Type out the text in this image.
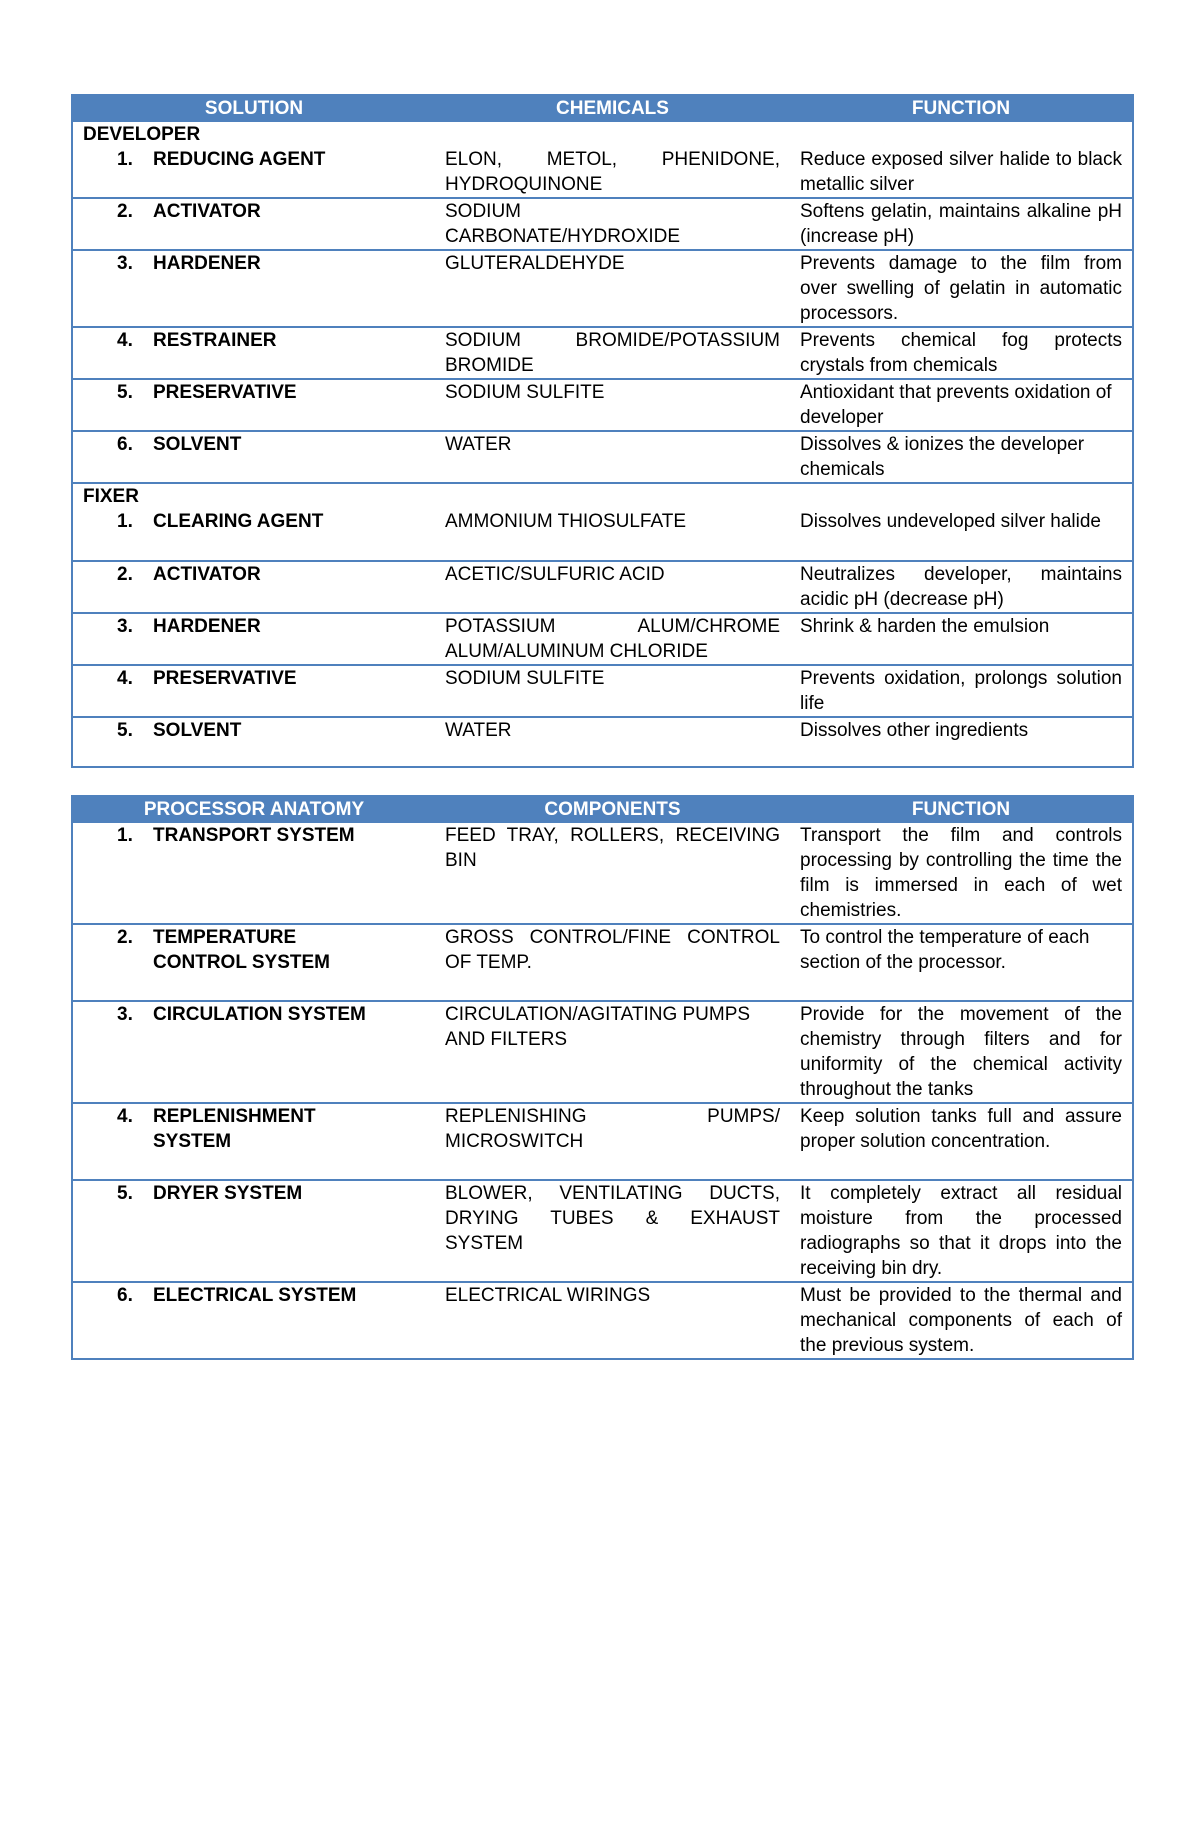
SOLUTION	CHEMICALS	FUNCTION
DEVELOPER		

1. REDUCING AGENT	ELON, METOL, PHENIDONE, HYDROQUINONE	Reduce exposed silver halide to black metallic silver

2. ACTIVATOR	SODIUM CARBONATE/HYDROXIDE	Softens gelatin, maintains alkaline pH (increase pH)

3. HARDENER	GLUTERALDEHYDE	Prevents damage to the film from over swelling of gelatin in automatic processors.

4. RESTRAINER	SODIUM BROMIDE/POTASSIUM BROMIDE	Prevents chemical fog protects crystals from chemicals

5. PRESERVATIVE	SODIUM SULFITE	Antioxidant that prevents oxidation of developer

6. SOLVENT	WATER	Dissolves & ionizes the developer chemicals
FIXER		

1. CLEARING AGENT	AMMONIUM THIOSULFATE	Dissolves undeveloped silver halide

2. ACTIVATOR	ACETIC/SULFURIC ACID	Neutralizes developer, maintains acidic pH (decrease pH)

3. HARDENER	POTASSIUM ALUM/CHROME ALUM/ALUMINUM CHLORIDE	Shrink & harden the emulsion

4. PRESERVATIVE	SODIUM SULFITE	Prevents oxidation, prolongs solution life

5. SOLVENT	WATER	Dissolves other ingredients
PROCESSOR ANATOMY	COMPONENTS	FUNCTION

1. TRANSPORT SYSTEM	FEED TRAY, ROLLERS, RECEIVING BIN	Transport the film and controls processing by controlling the time the film is immersed in each of wet chemistries.

2. TEMPERATURE CONTROL SYSTEM	GROSS CONTROL/FINE CONTROL OF TEMP.	To control the temperature of each section of the processor.

3. CIRCULATION SYSTEM	CIRCULATION/AGITATING PUMPS AND FILTERS	Provide for the movement of the chemistry through filters and for uniformity of the chemical activity throughout the tanks

4. REPLENISHMENT SYSTEM	REPLENISHING PUMPS/ MICROSWITCH	Keep solution tanks full and assure proper solution concentration.

5. DRYER SYSTEM	BLOWER, VENTILATING DUCTS, DRYING TUBES & EXHAUST SYSTEM	It completely extract all residual moisture from the processed radiographs so that it drops into the receiving bin dry.

6. ELECTRICAL SYSTEM	ELECTRICAL WIRINGS	Must be provided to the thermal and mechanical components of each of the previous system.
